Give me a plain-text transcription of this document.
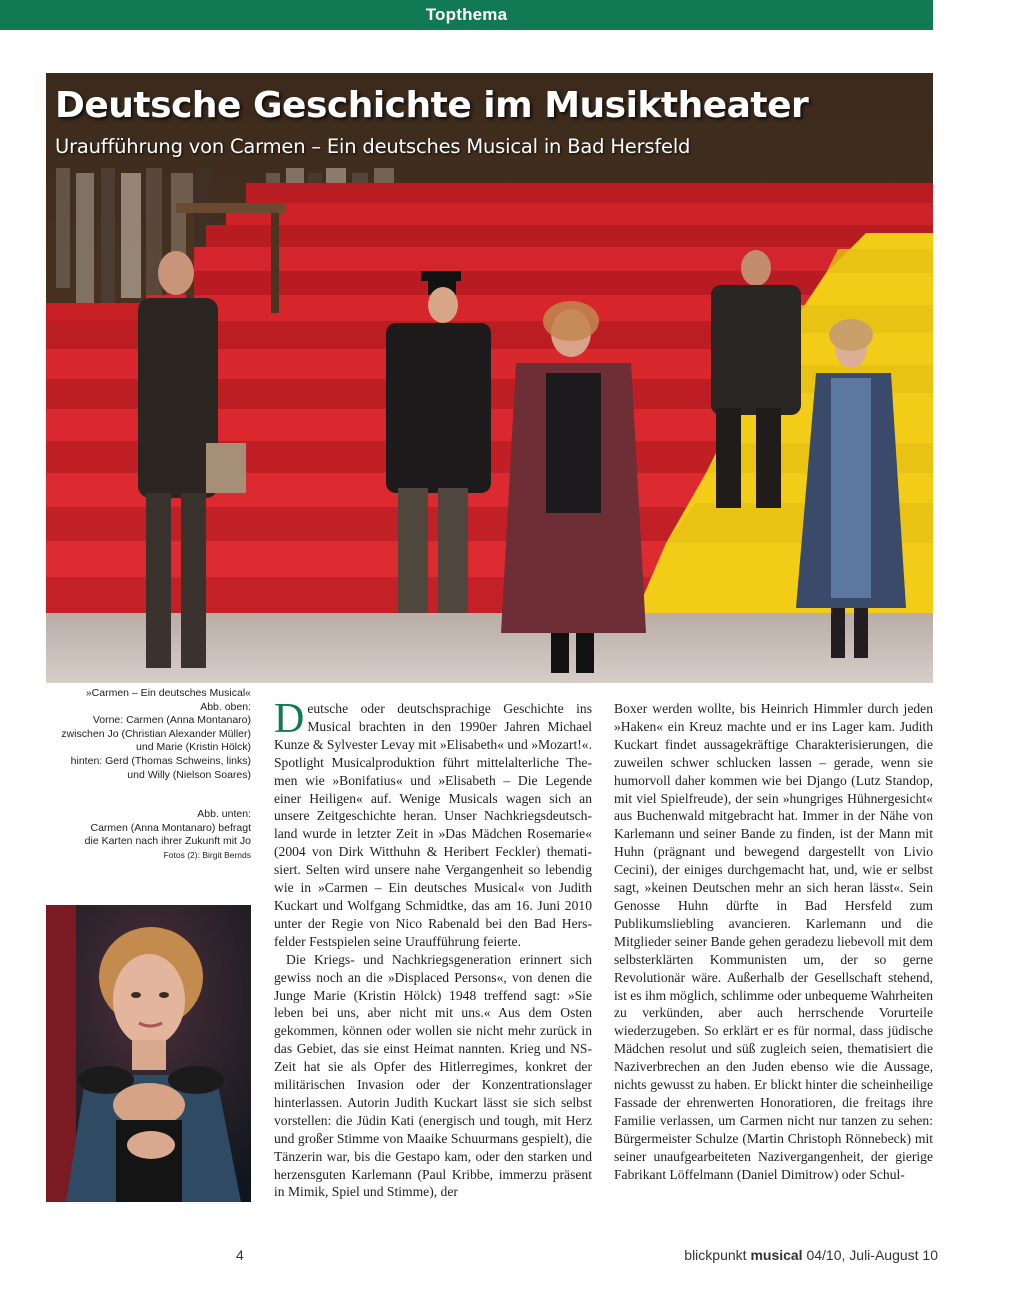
Topthema
Deutsche Geschichte im Musiktheater
Uraufführung von Carmen – Ein deutsches Musical in Bad Hersfeld
»Carmen – Ein deutsches Musical«
Abb. oben:
Vorne: Carmen (Anna Montanaro)
zwischen Jo (Christian Alexander Müller)
und Marie (Kristin Hölck)
hinten: Gerd (Thomas Schweins, links)
und Willy (Nielson Soares)
Abb. unten:
Carmen (Anna Montanaro) befragt
die Karten nach ihrer Zukunft mit Jo
Fotos (2): Birgit Bernds

Deutsche oder deutschsprachige Geschichte ins Musical brachten in den 1990er Jahren Michael Kunze & Sylvester Levay mit »Elisabeth« und »Mozart!«. Spotlight Musicalproduktion führt mittelalterliche Themen wie »Bonifatius« und »Elisabeth – Die Legende einer Heiligen« auf. Wenige Musicals wagen sich an unsere Zeitgeschichte heran. Unser Nachkriegsdeutschland wurde in letzter Zeit in »Das Mädchen Rosemarie« (2004 von Dirk Witthuhn & Heribert Feckler) thematisiert. Selten wird unsere nahe Vergangenheit so lebendig wie in »Carmen – Ein deutsches Musical« von Judith Kuckart und Wolfgang Schmidtke, das am 16. Juni 2010 unter der Regie von Nico Rabenald bei den Bad Hersfelder Festspielen seine Uraufführung feierte.

Die Kriegs- und Nachkriegsgeneration erinnert sich gewiss noch an die »Displaced Persons«, von denen die Junge Marie (Kristin Hölck) 1948 treffend sagt: »Sie leben bei uns, aber nicht mit uns.« Aus dem Osten gekommen, können oder wollen sie nicht mehr zurück in das Gebiet, das sie einst Heimat nannten. Krieg und NS-Zeit hat sie als Opfer des Hitlerregimes, konkret der militärischen Invasion oder der Konzentrationslager hinterlassen. Autorin Judith Kuckart lässt sie sich selbst vorstellen: die Jüdin Kati (energisch und tough, mit Herz und großer Stimme von Maaike Schuurmans gespielt), die Tänzerin war, bis die Gestapo kam, oder den starken und herzensguten Karlemann (Paul Kribbe, immerzu präsent in Mimik, Spiel und Stimme), der

Boxer werden wollte, bis Heinrich Himmler durch jeden »Haken« ein Kreuz machte und er ins Lager kam. Judith Kuckart findet aussagekräftige Charakterisierungen, die zuweilen schwer schlucken lassen – gerade, wenn sie humorvoll daher kommen wie bei Django (Lutz Standop, mit viel Spielfreude), der sein »hungriges Hühnergesicht« aus Buchenwald mitgebracht hat. Immer in der Nähe von Karlemann und seiner Bande zu finden, ist der Mann mit Huhn (prägnant und bewegend dargestellt von Livio Cecini), der einiges durchgemacht hat, und, wie er selbst sagt, »keinen Deutschen mehr an sich heran lässt«. Sein Genosse Huhn dürfte in Bad Hersfeld zum Publikumsliebling avancieren. Karlemann und die Mitglieder seiner Bande gehen geradezu liebevoll mit dem selbsterklärten Kommunisten um, der so gerne Revolutionär wäre. Außerhalb der Gesellschaft stehend, ist es ihm möglich, schlimme oder unbequeme Wahrheiten zu verkünden, aber auch herrschende Vorurteile wiederzugeben. So erklärt er es für normal, dass jüdische Mädchen resolut und süß zugleich seien, thematisiert die Naziverbrechen an den Juden ebenso wie die Aussage, nichts gewusst zu haben. Er blickt hinter die scheinheilige Fassade der ehrenwerten Honoratioren, die freitags ihre Familie verlassen, um Carmen nicht nur tanzen zu sehen: Bürgermeister Schulze (Martin Christoph Rönnebeck) mit seiner unaufgearbeiteten Nazivergangenheit, der gierige Fabrikant Löffelmann (Daniel Dimitrow) oder Schul-

4	blickpunkt musical 04/10, Juli-August 10
